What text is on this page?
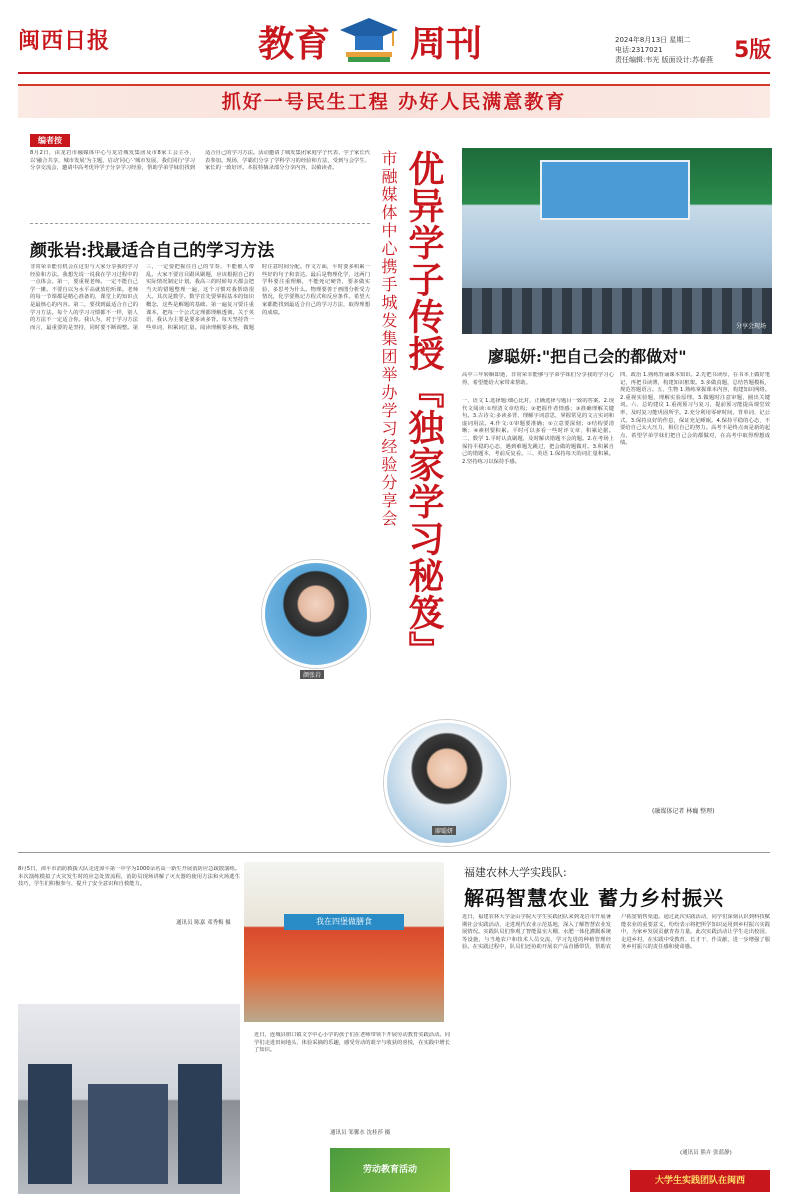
闽西日报	教育 周刊	2024年8月13日 星期二
电话:2317021
责任编辑:韦光 版面设计:苏春燕 5版
抓好一号民生工程 办好人民满意教育
编者按
8月2日，由龙岩市融媒体中心与龙岩城发集团及市8家工会主办，以'融合共享，城市发展'为主题，启动'同心'·'城市发展、我们同行'学习分享交流会，邀请中高考优异学子分享学习经验，帮助学弟学妹们找到适合自己的学习方法。活动邀请了城发集团家庭学子代表、学子家长代表参加。现场，学霸们分享了学科学习的经验和方法，受到与会学生、家长的一致好评。本报特摘录部分分享内容，以飨读者。
颜张岩:找最适合自己的学习方法
非常荣幸能有机会在这里与大家分享我的学习经验和方法。我想先说一说我在学习过程中的一点体会。第一，要重视老师。一定不能自己学一摊。不要自以为水平高就放松听课。老师的每一节课都是精心准备的，课堂上的知识点是最核心的内容。第二，要找到最适合自己的学习方法。每个人的学习习惯都不一样，别人的方法不一定适合你。我认为，对于学习方法而言，最重要的是坚持，同时要不断调整。第三，一定要把握住自己的节奏，不能被人带乱。大家不要盲目跟风刷题，应该根据自己的实际情况制定计划。我高三的时候每天都会把当天的错题整理一遍，这个习惯对我帮助很大。其次是数学。数学首先要掌握基本的知识概念，这些是解题的基础。第一遍复习要注重课本，把每一个公式定理都理解透彻。关于英语，我认为主要是要多读多背。每天坚持背一些单词，积累词汇量。阅读理解要多练，做题时注意时间分配。作文方面，平时要多积累一些好的句子和表达。最后是物理化学，这两门学科要注重理解，不能死记硬背，要多做实验，多思考为什么。物理要善于画图分析受力情况，化学要熟记方程式和反应条件。希望大家都能找到最适合自己的学习方法，取得理想的成绩。
颜张岩
市融媒体中心携手城发集团举办学习经验分享会 优异学子传授『独家学习秘笈』	分享会现场
廖聪妍:"把自己会的都做对"
高中三年转瞬即逝，非常荣幸能够与学弟学妹们分享我的学习心得，希望能给大家带来帮助。
一、语文 1.选择题:细心比对，正确选择与题目一致的答案。2.现代文阅读:①理清文章结构；②把握作者情感；③准确理解关键句。3.古诗文:多读多背，理解字词意思，掌握常见的文言实词和虚词用法。4.作文:①审题要准确；②立意要深刻；③结构要清晰；④素材要积累。平时可以多看一些时评文章，积累论据。二、数学 1.平时认真刷题，及时解决错题不会的题。2.在考场上保持平稳的心态，遇到难题先跳过，把会做的题做对。3.积累自己的错题本，考前反复看。三、英语 1.保持每天的词汇量积累。2.坚持练习以保持手感。
四、政治 1.熟练背诵课本知识。2.先把书读厚，在书本上做好笔记，再把书读薄，构建知识框架。3.多做真题，总结答题模板，规范答题语言。五、生物 1.熟练掌握课本内容，构建知识网络。2.重视实验题，理解实验原理。3.做题时注意审题，圈出关键词。六、总的建议 1.重视预习与复习，提前预习能提高课堂效率，及时复习能巩固所学。2.充分利用零碎时间，背单词、记公式。3.保持良好的作息，保证充足睡眠。4.保持平稳的心态，不要给自己太大压力，相信自己的努力。高考不是终点而是新的起点，希望学弟学妹们把自己会的都做对，在高考中取得理想成绩。
廖聪妍
(融媒体记者 林巍 整理)
8月5日，漳平市消防救援大队走进漳平第一中学为1000余名高一新生开展消防应急疏散演练。本次演练模拟了火灾发生时的应急处置流程，消防员现场讲解了灭火器的使用方法和火场逃生技巧，学生们积极参与，提升了安全意识和自救能力。
通讯员 陈嘉 邓秀梅 摄	我在四堡做膳食
近日，连城县朋口镇文亨中心小学的孩子们在老师带领下开展劳动教育实践活动。同学们走进田间地头，体验采摘的乐趣，感受劳动的艰辛与收获的喜悦，在实践中增长了知识。
通讯员 邹馨水 沈桂莎 摄
劳动教育活动
福建农林大学实践队:
解码智慧农业 蓄力乡村振兴
近日，福建农林大学金山学院大学生实践团队来到龙岩市开展暑期社会实践活动，走进现代农业示范基地，深入了解智慧农业发展情况。实践队员们参观了智能温室大棚、水肥一体化灌溉系统等设施，与当地农户和技术人员交流，学习先进的种植管理经验。在实践过程中，队员们还协助开展农产品直播带货，帮助农户拓宽销售渠道。通过此次实践活动，同学们深刻认识到科技赋能农业的重要意义，纷纷表示将把所学知识运用到乡村振兴实践中，为家乡发展贡献青春力量。此次实践活动让学生走出校园、走进乡村，在实践中受教育、长才干、作贡献，进一步增强了服务乡村振兴的责任感和使命感。
(通讯员 熊卉 张蓝静)
大学生实践团队在闽西
